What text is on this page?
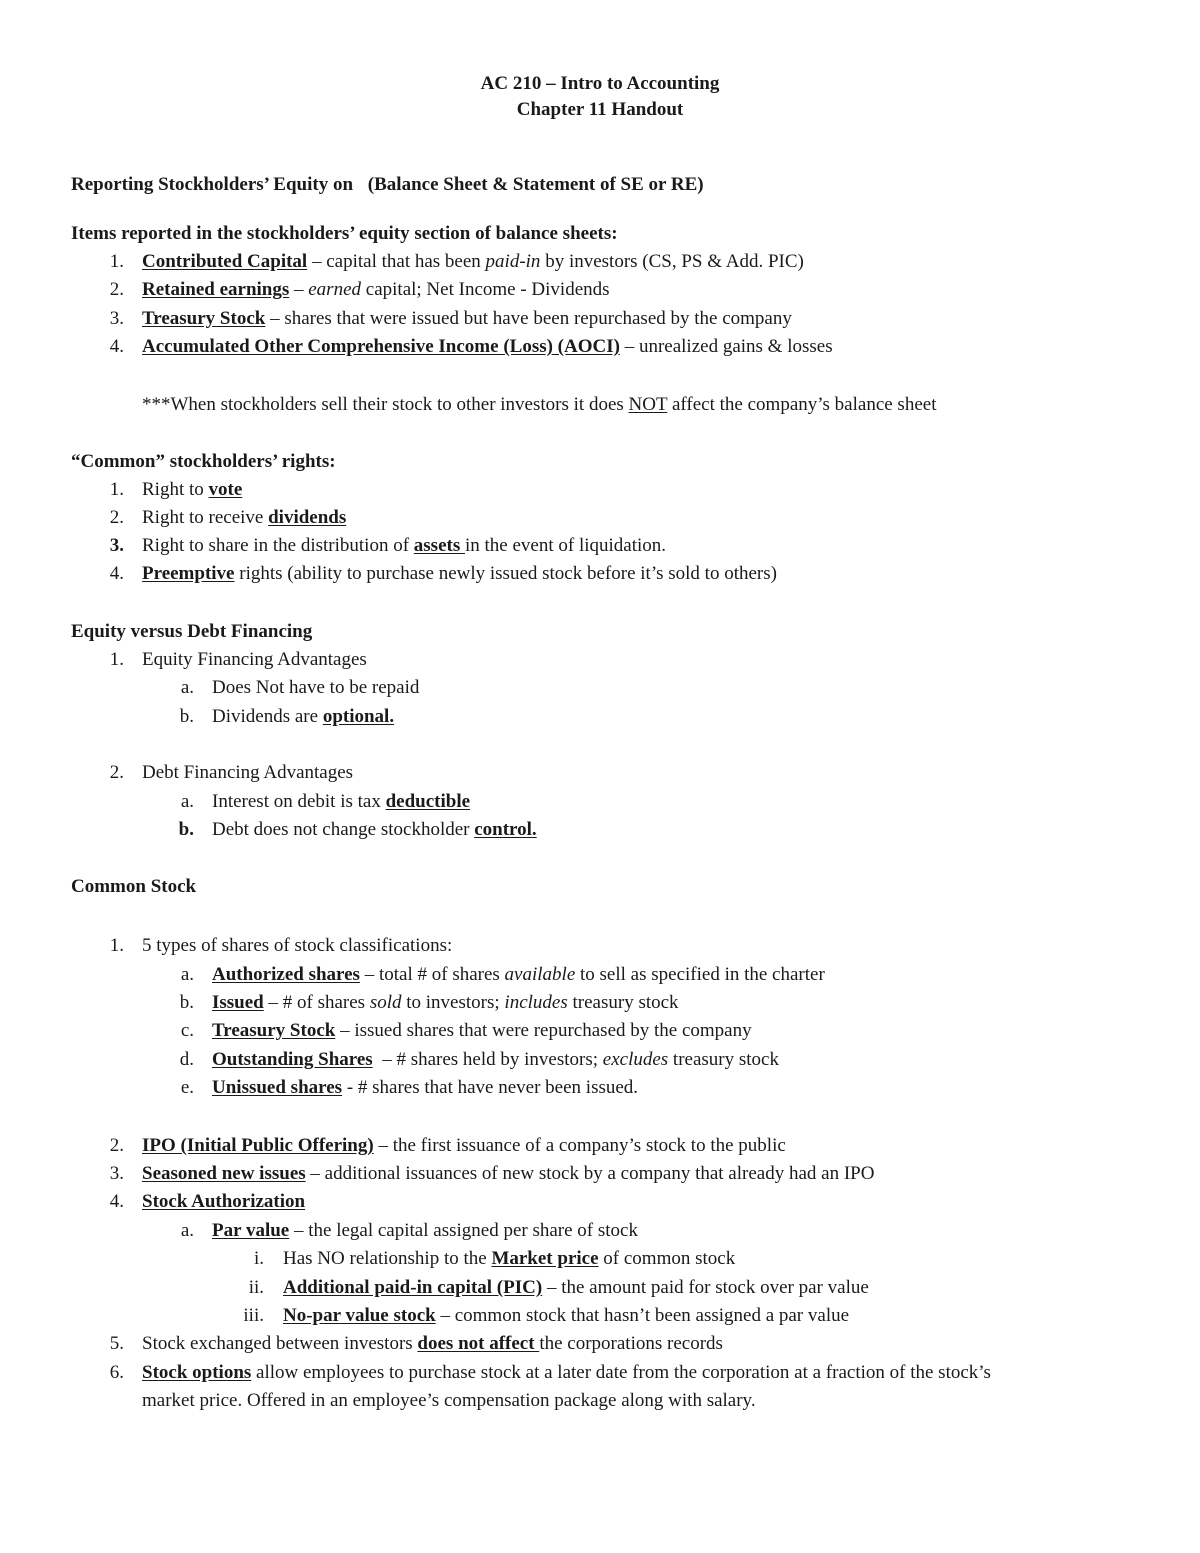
AC 210 – Intro to Accounting
Chapter 11 Handout
Reporting Stockholders’ Equity on (Balance Sheet & Statement of SE or RE)
Items reported in the stockholders’ equity section of balance sheets:
1. Contributed Capital – capital that has been paid-in by investors (CS, PS & Add. PIC)
2. Retained earnings – earned capital; Net Income - Dividends
3. Treasury Stock – shares that were issued but have been repurchased by the company
4. Accumulated Other Comprehensive Income (Loss) (AOCI) – unrealized gains & losses
***When stockholders sell their stock to other investors it does NOT affect the company’s balance sheet
“Common” stockholders’ rights:
1. Right to vote
2. Right to receive dividends
3. Right to share in the distribution of assets in the event of liquidation.
4. Preemptive rights (ability to purchase newly issued stock before it’s sold to others)
Equity versus Debt Financing
1. Equity Financing Advantages
a. Does Not have to be repaid
b. Dividends are optional.
2. Debt Financing Advantages
a. Interest on debit is tax deductible
b. Debt does not change stockholder control.
Common Stock
1. 5 types of shares of stock classifications:
a. Authorized shares – total # of shares available to sell as specified in the charter
b. Issued – # of shares sold to investors; includes treasury stock
c. Treasury Stock – issued shares that were repurchased by the company
d. Outstanding Shares  – # shares held by investors; excludes treasury stock
e. Unissued shares - # shares that have never been issued.
2. IPO (Initial Public Offering) – the first issuance of a company’s stock to the public
3. Seasoned new issues – additional issuances of new stock by a company that already had an IPO
4. Stock Authorization
a. Par value – the legal capital assigned per share of stock
i. Has NO relationship to the Market price of common stock
ii. Additional paid-in capital (PIC) – the amount paid for stock over par value
iii. No-par value stock – common stock that hasn’t been assigned a par value
5. Stock exchanged between investors does not affect the corporations records
6. Stock options allow employees to purchase stock at a later date from the corporation at a fraction of the stock’s
market price. Offered in an employee’s compensation package along with salary.
